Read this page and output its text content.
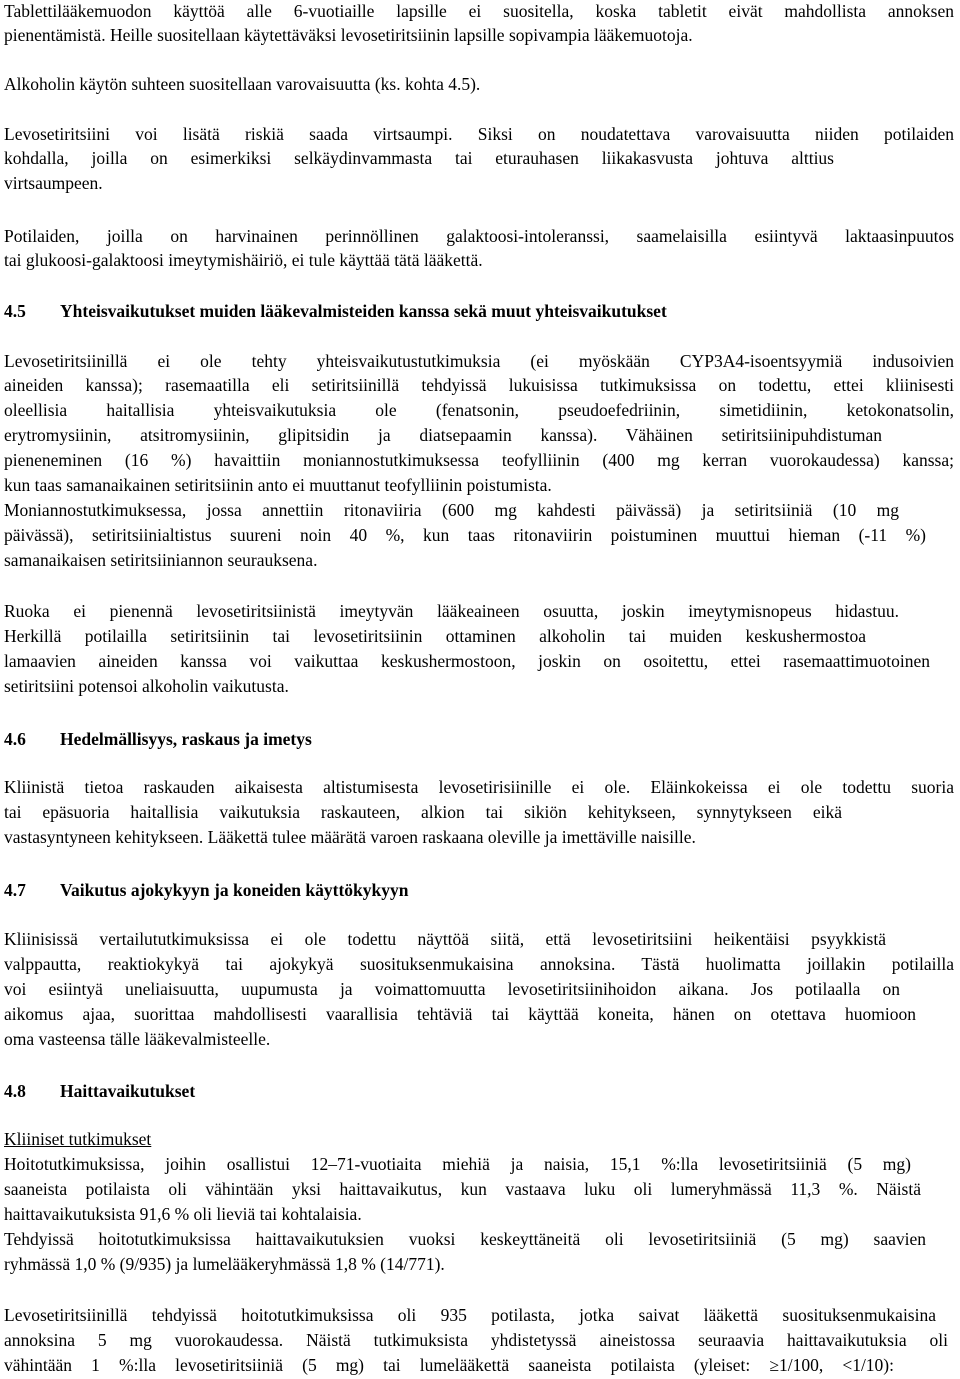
Tablettilääkemuodon käyttöä alle 6-vuotiaille lapsille ei suositella, koska tabletit eivät mahdollista annoksen

pienentämistä. Heille suositellaan käytettäväksi levosetiritsiinin lapsille sopivampia lääkemuotoja.

Alkoholin käytön suhteen suositellaan varovaisuutta (ks. kohta 4.5).

Levosetiritsiini voi lisätä riskiä saada virtsaumpi. Siksi on noudatettava varovaisuutta niiden potilaiden

kohdalla, joilla on esimerkiksi selkäydinvammasta tai eturauhasen liikakasvusta johtuva alttius

virtsaumpeen.

Potilaiden, joilla on harvinainen perinnöllinen galaktoosi-intoleranssi, saamelaisilla esiintyvä laktaasinpuutos

tai glukoosi-galaktoosi imeytymishäiriö, ei tule käyttää tätä lääkettä.

4.5 Yhteisvaikutukset muiden lääkevalmisteiden kanssa sekä muut yhteisvaikutukset

Levosetiritsiinillä ei ole tehty yhteisvaikutustutkimuksia (ei myöskään CYP3A4-isoentsyymiä indusoivien

aineiden kanssa); rasemaatilla eli setiritsiinillä tehdyissä lukuisissa tutkimuksissa on todettu, ettei kliinisesti

oleellisia haitallisia yhteisvaikutuksia ole (fenatsonin, pseudoefedriinin, simetidiinin, ketokonatsolin,

erytromysiinin, atsitromysiinin, glipitsidin ja diatsepaamin kanssa). Vähäinen setiritsiinipuhdistuman

pieneneminen (16 %) havaittiin moniannostutkimuksessa teofylliinin (400 mg kerran vuorokaudessa) kanssa;

kun taas samanaikainen setiritsiinin anto ei muuttanut teofylliinin poistumista.

Moniannostutkimuksessa, jossa annettiin ritonaviiria (600 mg kahdesti päivässä) ja setiritsiiniä (10 mg

päivässä), setiritsiinialtistus suureni noin 40 %, kun taas ritonaviirin poistuminen muuttui hieman (-11 %)

samanaikaisen setiritsiiniannon seurauksena.

Ruoka ei pienennä levosetiritsiinistä imeytyvän lääkeaineen osuutta, joskin imeytymisnopeus hidastuu.

Herkillä potilailla setiritsiinin tai levosetiritsiinin ottaminen alkoholin tai muiden keskushermostoa

lamaavien aineiden kanssa voi vaikuttaa keskushermostoon, joskin on osoitettu, ettei rasemaattimuotoinen

setiritsiini potensoi alkoholin vaikutusta.

4.6 Hedelmällisyys, raskaus ja imetys

Kliinistä tietoa raskauden aikaisesta altistumisesta levosetirisiinille ei ole. Eläinkokeissa ei ole todettu suoria

tai epäsuoria haitallisia vaikutuksia raskauteen, alkion tai sikiön kehitykseen, synnytykseen eikä

vastasyntyneen kehitykseen. Lääkettä tulee määrätä varoen raskaana oleville ja imettäville naisille.

4.7 Vaikutus ajokykyyn ja koneiden käyttökykyyn

Kliinisissä vertailututkimuksissa ei ole todettu näyttöä siitä, että levosetiritsiini heikentäisi psyykkistä

valppautta, reaktiokykyä tai ajokykyä suosituksenmukaisina annoksina. Tästä huolimatta joillakin potilailla

voi esiintyä uneliaisuutta, uupumusta ja voimattomuutta levosetiritsiinihoidon aikana. Jos potilaalla on

aikomus ajaa, suorittaa mahdollisesti vaarallisia tehtäviä tai käyttää koneita, hänen on otettava huomioon

oma vasteensa tälle lääkevalmisteelle.

4.8 Haittavaikutukset

Kliiniset tutkimukset

Hoitotutkimuksissa, joihin osallistui 12–71-vuotiaita miehiä ja naisia, 15,1 %:lla levosetiritsiiniä (5 mg)

saaneista potilaista oli vähintään yksi haittavaikutus, kun vastaava luku oli lumeryhmässä 11,3 %. Näistä

haittavaikutuksista 91,6 % oli lieviä tai kohtalaisia.

Tehdyissä hoitotutkimuksissa haittavaikutuksien vuoksi keskeyttäneitä oli levosetiritsiiniä (5 mg) saavien

ryhmässä 1,0 % (9/935) ja lumelääkeryhmässä 1,8 % (14/771).

Levosetiritsiinillä tehdyissä hoitotutkimuksissa oli 935 potilasta, jotka saivat lääkettä suosituksenmukaisina

annoksina 5 mg vuorokaudessa. Näistä tutkimuksista yhdistetyssä aineistossa seuraavia haittavaikutuksia oli

vähintään 1 %:lla levosetiritsiiniä (5 mg) tai lumelääkettä saaneista potilaista (yleiset: ≥1/100, <1/10):
